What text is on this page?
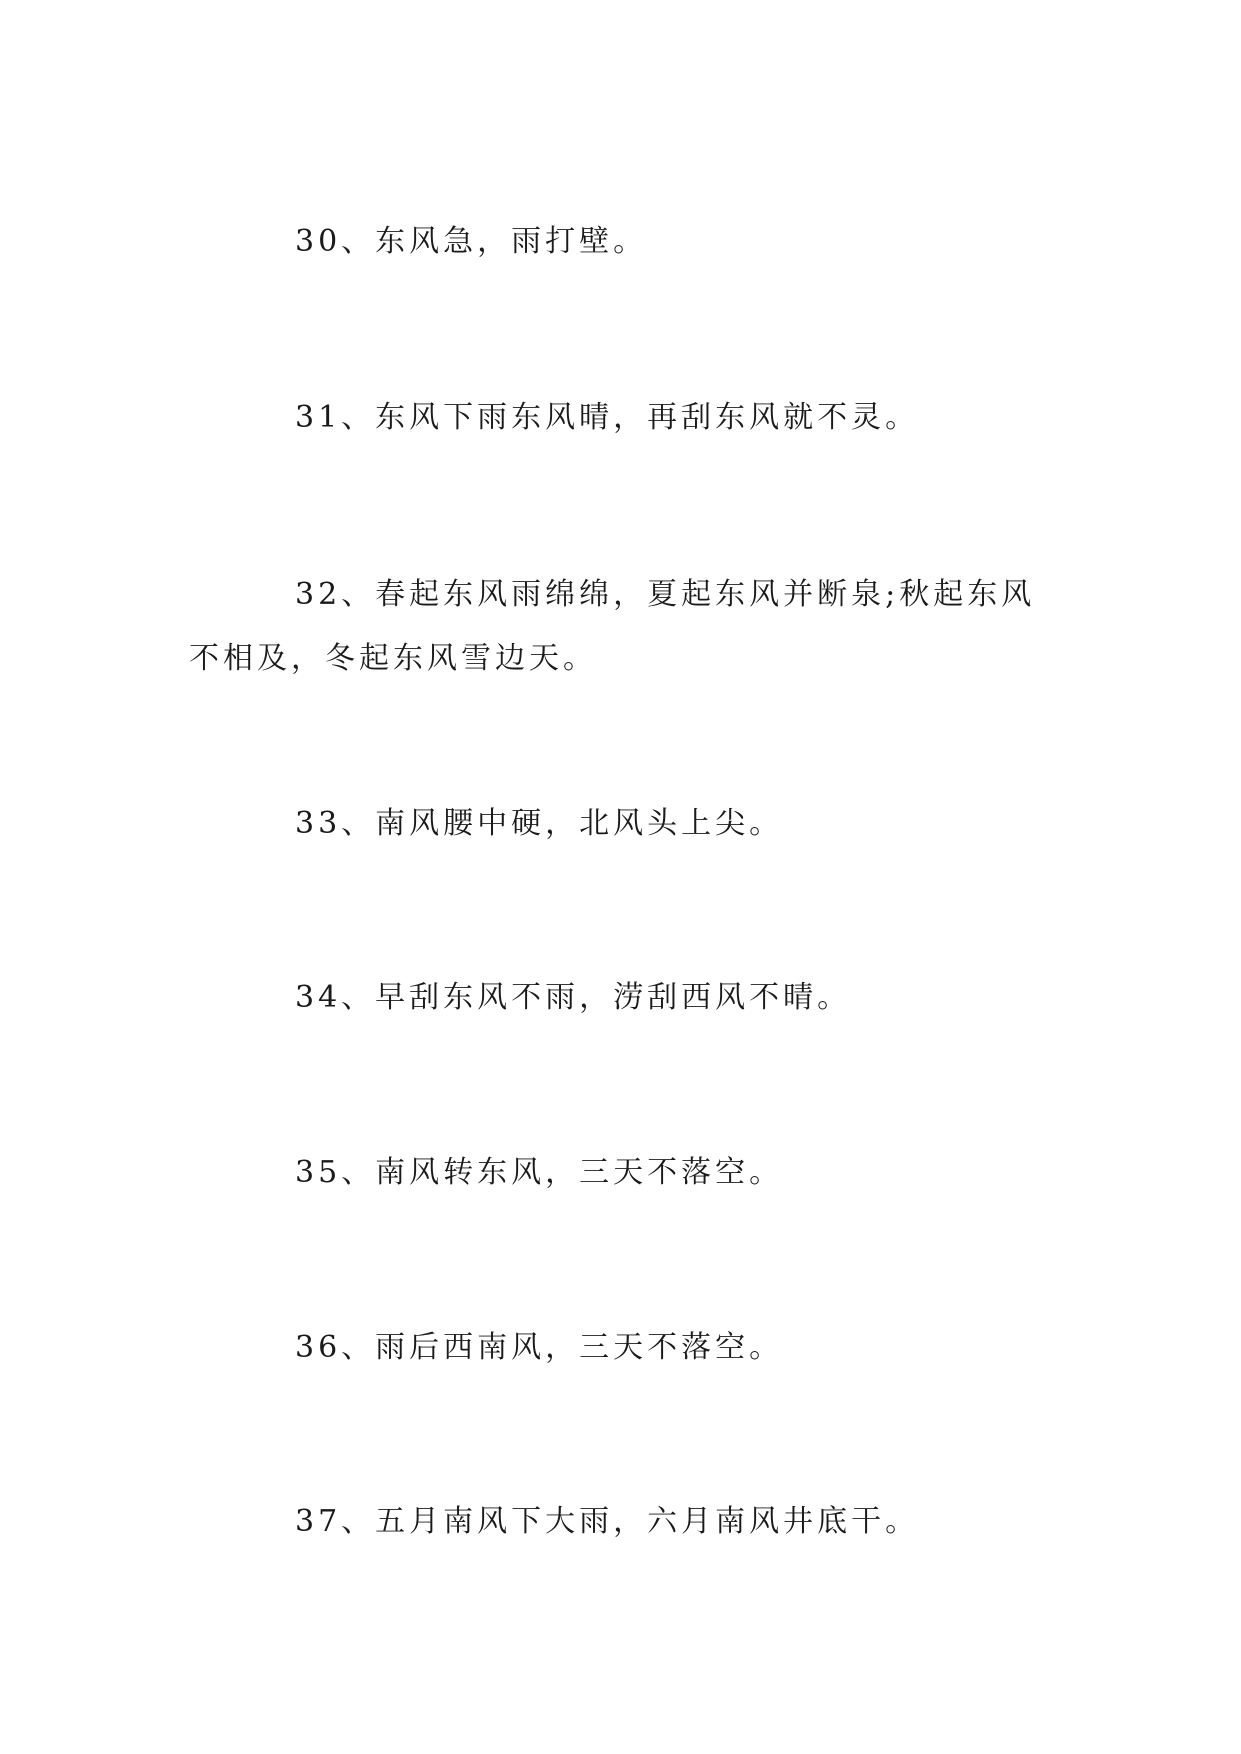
30、东风急，雨打壁。

31、东风下雨东风晴，再刮东风就不灵。

32、春起东风雨绵绵，夏起东风并断泉;秋起东风不相及，冬起东风雪边天。

33、南风腰中硬，北风头上尖。

34、早刮东风不雨，涝刮西风不晴。

35、南风转东风，三天不落空。

36、雨后西南风，三天不落空。

37、五月南风下大雨，六月南风井底干。
